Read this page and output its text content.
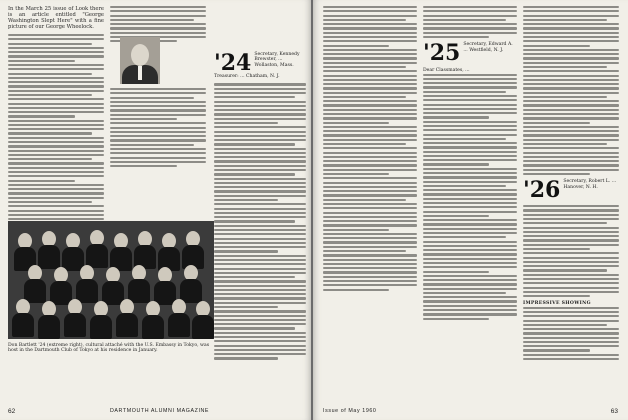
In the March 25 issue of Look there is an article entitled "George Washington Slept Here" with a fine picture of our George Wheelock.
'24 Secretary, Kennedy Brewster, ... Wollaston, Mass.
Treasurer: ... Chatham, N. J.
Don Bartlett '24 (extreme right), cultural attaché with the U.S. Embassy in Tokyo, was host in the Dartmouth Club of Tokyo at his residence in January.
DARTMOUTH ALUMNI MAGAZINE
62
'25 Secretary, Edward A. ... Westfield, N. J.
Dear Classmates, ...
'26 Secretary, Robert L. ... Hanover, N. H.
IMPRESSIVE SHOWING
Issue of May 1960	63
